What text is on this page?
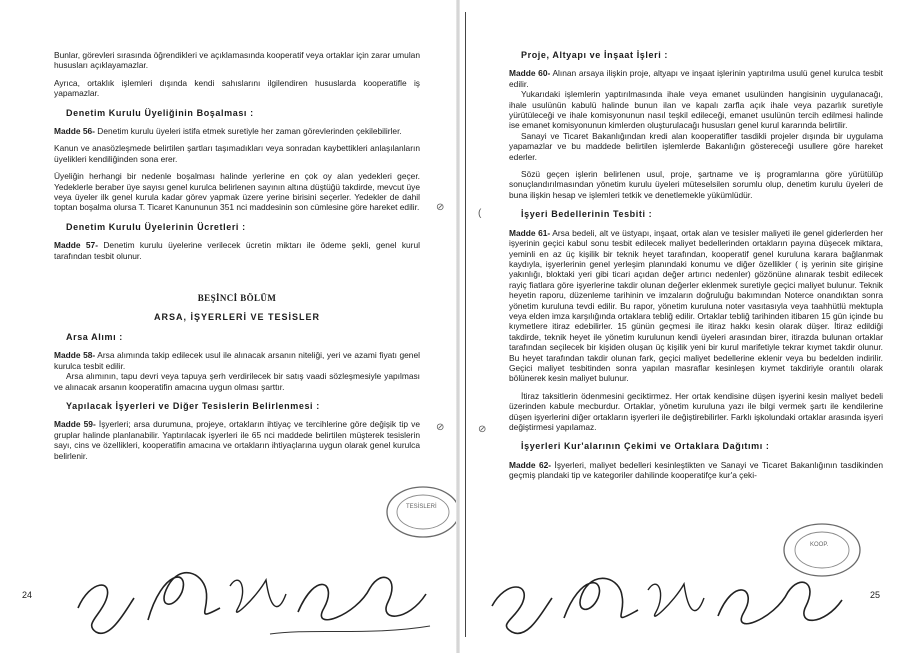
Bunlar, görevleri sırasında öğrendikleri ve açıklamasında kooperatif veya ortaklar için zarar umulan hususları açıklayamazlar.

Ayrıca, ortaklık işlemleri dışında kendi sahıslarını ilgilendiren hususlarda kooperatifle iş yapamazlar.

Denetim Kurulu Üyeliğinin Boşalması :

Madde 56- Denetim kurulu üyeleri istifa etmek suretiyle her zaman görevlerinden çekilebilirler.

Kanun ve anasözleşmede belirtilen şartları taşımadıkları veya sonradan kaybettikleri anlaşılanların üyelikleri kendiliğinden sona erer.

Üyeliğin herhangi bir nedenle boşalması halinde yerlerine en çok oy alan yedekleri geçer. Yedeklerle beraber üye sayısı genel kurulca belirlenen sayının altına düştüğü takdirde, mevcut üye veya üyeler ilk genel kurula kadar görev yapmak üzere yerine birisini seçerler. Yedekler de dahil toptan boşalma olursa T. Ticaret Kanununun 351 nci maddesinin son cümlesine göre hareket edilir.

Denetim Kurulu Üyelerinin Ücretleri :

Madde 57- Denetim kurulu üyelerine verilecek ücretin miktarı ile ödeme şekli, genel kurul tarafından tesbit olunur.

BEŞİNCİ BÖLÜM
ARSA, İŞYERLERİ VE TESİSLER
Arsa Alımı :

Madde 58- Arsa alımında takip edilecek usul ile alınacak arsanın niteliği, yeri ve azami fiyatı genel kurulca tesbit edilir.

Arsa alımının, tapu devri veya tapuya şerh verdirilecek bir satış vaadi sözleşmesiyle yapılması ve alınacak arsanın kooperatifin amacına uygun olması şarttır.

Yapılacak İşyerleri ve Diğer Tesislerin Belirlenmesi :

Madde 59- İşyerleri; arsa durumuna, projeye, ortakların ihtiyaç ve tercihlerine göre değişik tip ve gruplar halinde planlanabilir. Yaptırılacak işyerleri ile 65 nci maddede belirtilen müşterek tesislerin sayı, cins ve özellikleri, kooperatifin amacına ve ortakların ihtiyaçlarına uygun olarak genel kurulca belirlenir.

⊘
⊘
24
TESİSLERİ
Proje, Altyapı ve İnşaat İşleri :

Madde 60- Alınan arsaya ilişkin proje, altyapı ve inşaat işlerinin yaptırılma usulü genel kurulca tesbit edilir.

Yukarıdaki işlemlerin yaptırılmasında ihale veya emanet usulünden hangisinin uygulanacağı, ihale usulünün kabulü halinde bunun ilan ve kapalı zarfla açık ihale veya pazarlık suretiyle yürütüleceği ve ihale komisyonunun nasıl teşkil edileceği, emanet usulünün tercih edilmesi halinde ise emanet komisyonunun kimlerden oluşturulacağı hususları genel kurul kararında belirtilir.

Sanayi ve Ticaret Bakanlığından kredi alan kooperatifler tasdikli projeler dışında bir uygulama yapamazlar ve bu maddede belirtilen işlemlerde Bakanlığın göstereceği usullere göre hareket ederler.

Sözü geçen işlerin belirlenen usul, proje, şartname ve iş programlarına göre yürütülüp sonuçlandırılmasından yönetim kurulu üyeleri müteselsilen sorumlu olup, denetim kurulu üyeleri de buna ilişkin hesap ve işlemleri tetkik ve denetlemekle yükümlüdür.

İşyeri Bedellerinin Tesbiti :

Madde 61- Arsa bedeli, alt ve üstyapı, inşaat, ortak alan ve tesisler maliyeti ile genel giderlerden her işyerinin geçici kabul sonu tesbit edilecek maliyet bedellerinden ortakların payına düşecek miktara, yeminli en az üç kişilik bir teknik heyet tarafından, kooperatif genel kuruluna karara bağlanmak kaydıyla, işyerlerinin genel yerleşim planındaki konumu ve diğer özellikler ( iş yerinin site girişine yakınlığı, bloktaki yeri gibi ticari açıdan değer artırıcı nedenler) gözönüne alınarak tesbit edilecek rayiç fiatlara göre işyerlerine takdir olunan değerler eklenmek suretiyle geçici maliyet bulunur. Teknik heyetin raporu, düzenleme tarihinin ve imzaların doğruluğu bakımından Noterce onandıktan sonra yönetim kuruluna tevdi edilir. Bu rapor, yönetim kuruluna noter vasıtasıyla veya taahhütlü mektupla veya elden imza karşılığında ortaklara tebliğ edilir. Ortaklar tebliğ tarihinden itibaren 15 gün içinde bu kıymetlere itiraz edebilirler. 15 günün geçmesi ile itiraz hakkı kesin olarak düşer. İtiraz edildiği takdirde, teknik heyet ile yönetim kurulunun kendi üyeleri arasından birer, itirazda bulunan ortaklar tarafından seçilecek bir kişiden oluşan üç kişilik yeni bir kurul marifetiyle tekrar kıymet takdir olunur. Bu heyet tarafından takdir olunan fark, geçici maliyet bedellerine eklenir veya bu bedelden indirilir. Geçici maliyet tesbitinden sonra yapılan masraflar kesinleşen kıymet takdiriyle orantılı olarak bölünerek kesin maliyet bulunur.

İtiraz taksitlerin ödenmesini geciktirmez. Her ortak kendisine düşen işyerini kesin maliyet bedeli üzerinden kabule mecburdur. Ortaklar, yönetim kuruluna yazı ile bilgi vermek şartı ile kendilerine düşen işyerlerini diğer ortakların işyerleri ile değiştirebilirler. Farklı işkolundaki ortaklar arasında işyeri değiştirmesi yapılamaz.

İşyerleri Kur'alarının Çekimi ve Ortaklara Dağıtımı :

Madde 62- İşyerleri, maliyet bedelleri kesinleştikten ve Sanayi ve Ticaret Bakanlığının tasdikinden geçmiş plandaki tip ve kategoriler dahilinde kooperatifçe kur'a çeki-

(
⊘
25
KOOP.
